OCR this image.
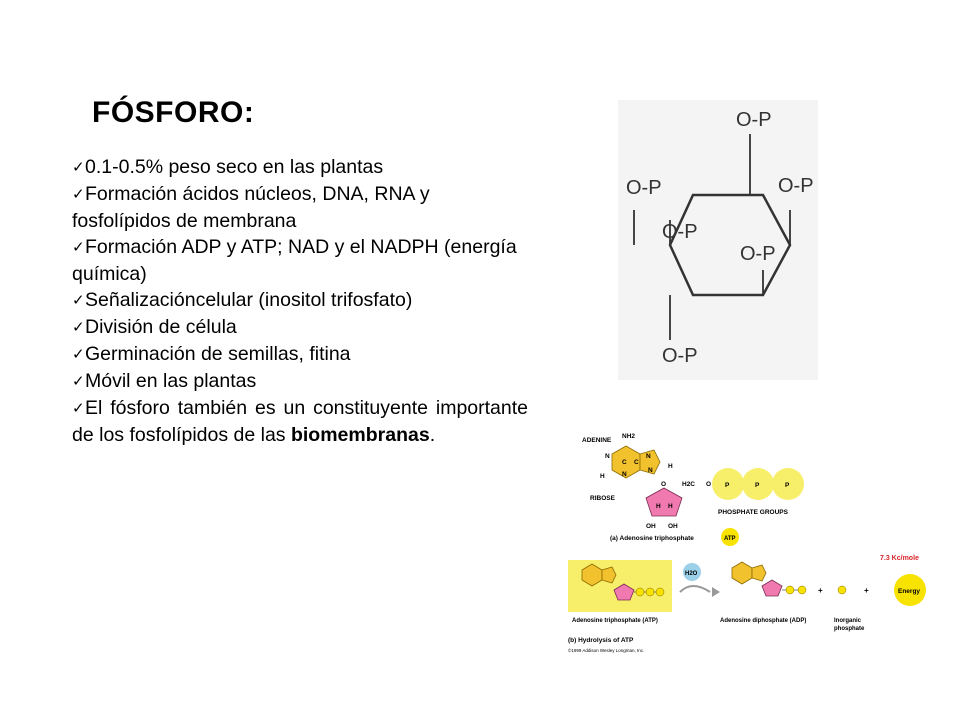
FÓSFORO:
✓0.1-0.5% peso seco en las plantas
✓Formación ácidos núcleos, DNA, RNA y fosfolípidos de membrana
✓Formación ADP y ATP; NAD y el NADPH (energía química)
✓Señalizacióncelular (inositol trifosfato)
✓División de célula
✓Germinación de semillas, fitina
✓Móvil en las plantas
✓El fósforo también es un constituyente importante de los fosfolípidos de las biomembranas.
O-P
O-P	O-P
O-P
O-P
O-P
ADENINE
NH2
N
C C
N
N
N
H
H
RIBOSE
O
H H
OH OH
H2C O P	P	P
PHOSPHATE GROUPS
(a) Adenosine triphosphate	ATP
7.3 Kc/mole
H2O
+	+	Energy
Adenosine triphosphate (ATP)	Adenosine diphosphate (ADP)	Inorganic
phosphate
(b) Hydrolysis of ATP
©1999 Addison Wesley Longman, Inc.
